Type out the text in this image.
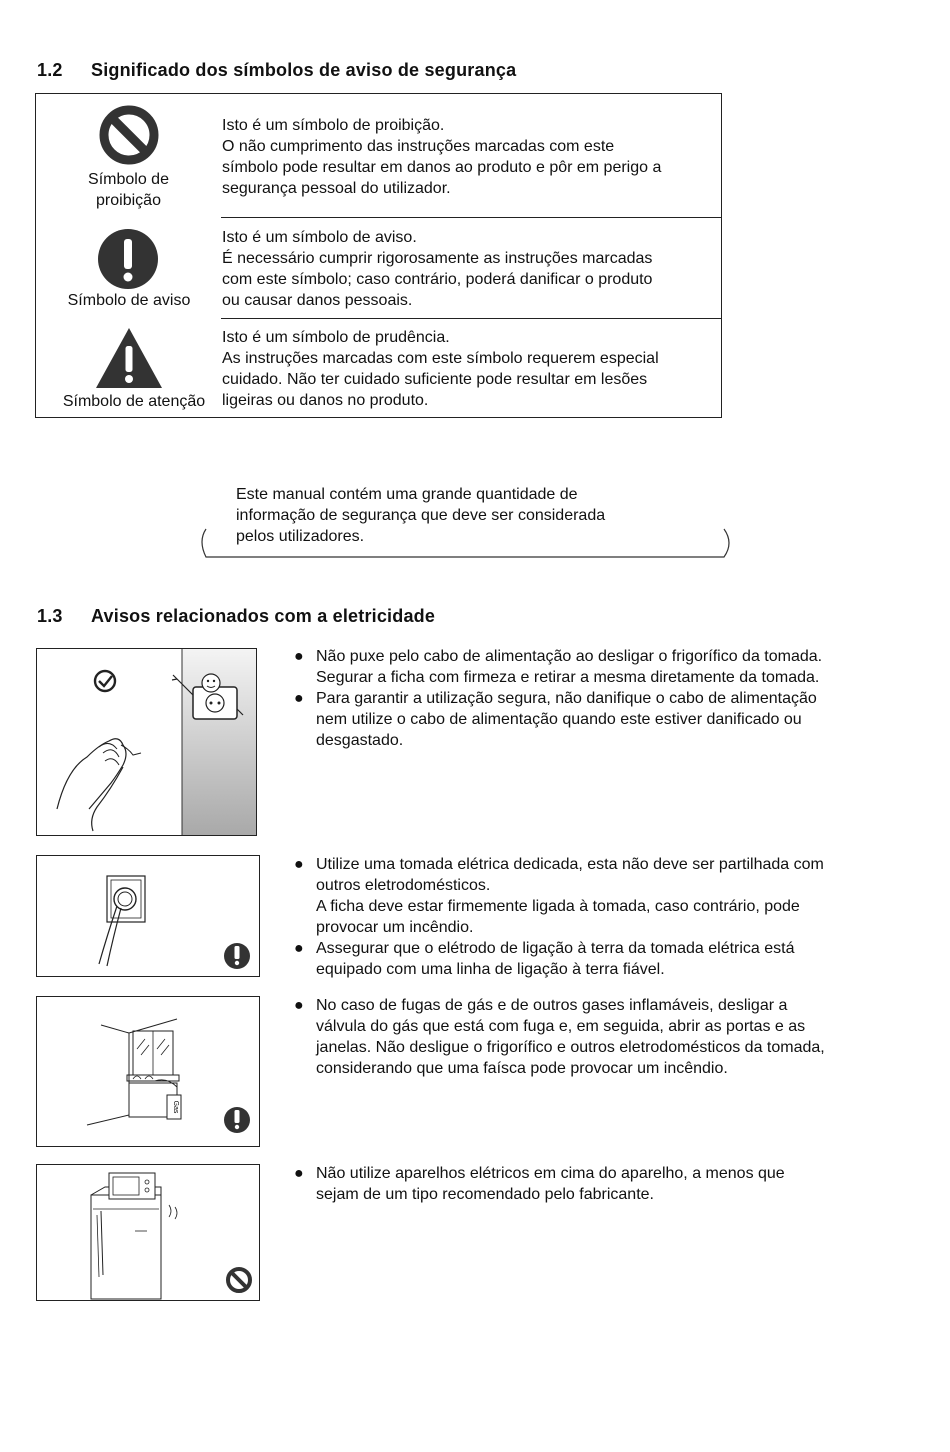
1.2 Significado dos símbolos de aviso de segurança
Símbolo de
proibição
Isto é um símbolo de proibição.
O não cumprimento das instruções marcadas com este
símbolo pode resultar em danos ao produto e pôr em perigo a
segurança pessoal do utilizador.
Símbolo de aviso
Isto é um símbolo de aviso.
É necessário cumprir rigorosamente as instruções marcadas
com este símbolo; caso contrário, poderá danificar o produto
ou causar danos pessoais.
Símbolo de atenção
Isto é um símbolo de prudência.
As instruções marcadas com este símbolo requerem especial
cuidado. Não ter cuidado suficiente pode resultar em lesões
ligeiras ou danos no produto.
Este manual contém uma grande quantidade de
informação de segurança que deve ser considerada
pelos utilizadores.
1.3 Avisos relacionados com a eletricidade
● Não puxe pelo cabo de alimentação ao desligar o frigorífico da tomada.
Segurar a ficha com firmeza e retirar a mesma diretamente da tomada.
● Para garantir a utilização segura, não danifique o cabo de alimentação
nem utilize o cabo de alimentação quando este estiver danificado ou
desgastado.
● Utilize uma tomada elétrica dedicada, esta não deve ser partilhada com
outros eletrodomésticos.
A ficha deve estar firmemente ligada à tomada, caso contrário, pode
provocar um incêndio.
● Assegurar que o elétrodo de ligação à terra da tomada elétrica está
equipado com uma linha de ligação à terra fiável.
Gas
● No caso de fugas de gás e de outros gases inflamáveis, desligar a
válvula do gás que está com fuga e, em seguida, abrir as portas e as
janelas. Não desligue o frigorífico e outros eletrodomésticos da tomada,
considerando que uma faísca pode provocar um incêndio.
● Não utilize aparelhos elétricos em cima do aparelho, a menos que
sejam de um tipo recomendado pelo fabricante.
